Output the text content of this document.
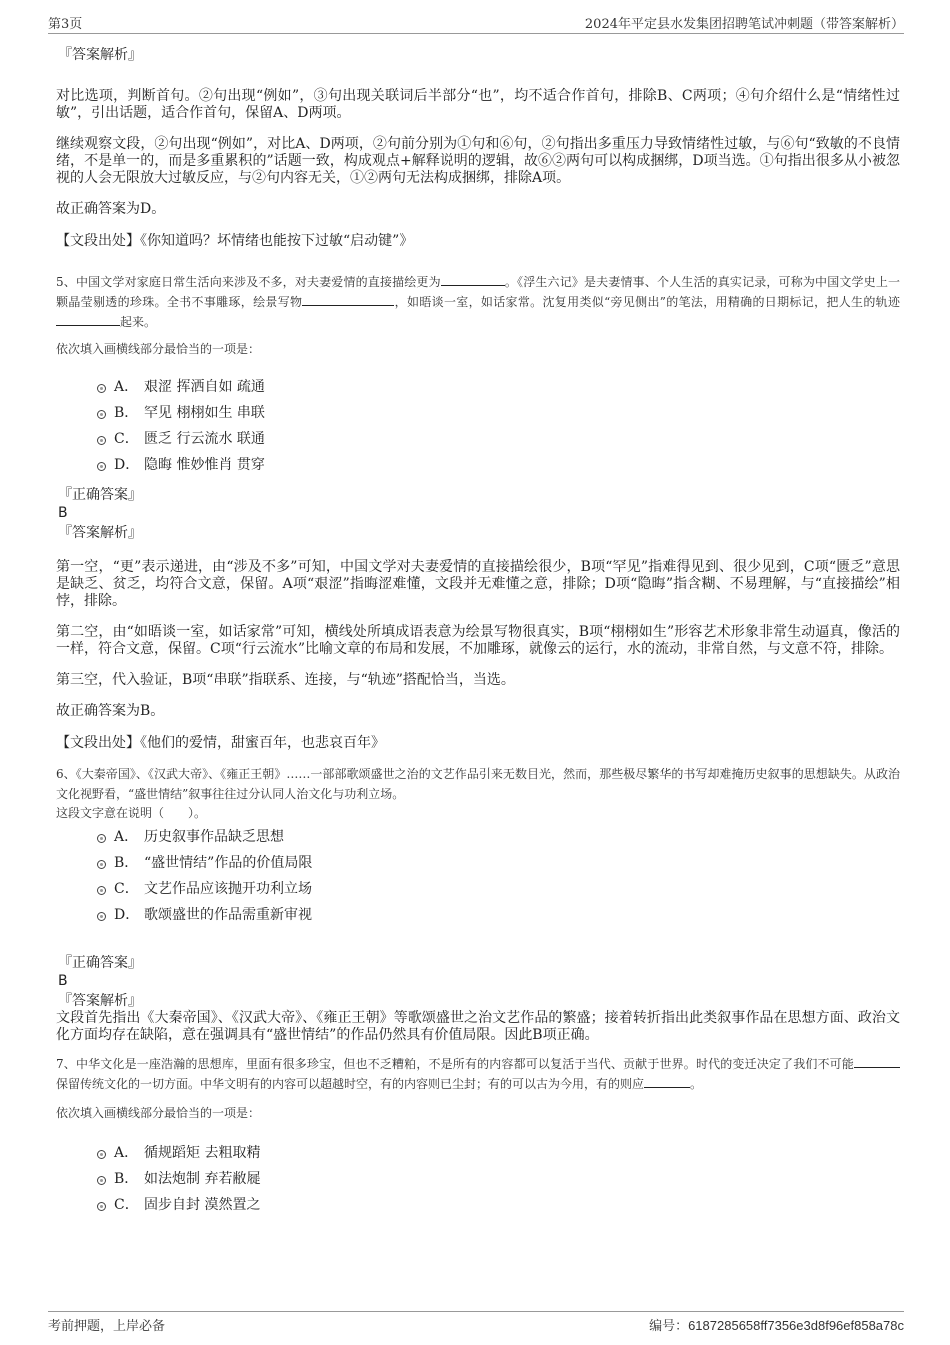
第3页	2024年平定县水发集团招聘笔试冲刺题（带答案解析）
『答案解析』

对比选项，判断首句。②句出现“例如”，③句出现关联词后半部分“也”，均不适合作首句，排除B、C两项；④句介绍什么是“情绪性过敏”，引出话题，适合作首句，保留A、D两项。

继续观察文段，②句出现“例如”，对比A、D两项，②句前分别为①句和⑥句，②句指出多重压力导致情绪性过敏，与⑥句“致敏的不良情绪，不是单一的，而是多重累积的”话题一致，构成观点+解释说明的逻辑，故⑥②两句可以构成捆绑，D项当选。①句指出很多从小被忽视的人会无限放大过敏反应，与②句内容无关，①②两句无法构成捆绑，排除A项。

故正确答案为D。

【文段出处】《你知道吗？坏情绪也能按下过敏“启动键”》

5、中国文学对家庭日常生活向来涉及不多，对夫妻爱情的直接描绘更为	。《浮生六记》是夫妻情事、个人生活的真实记录，可称为中国文学史上一颗晶莹剔透的珍珠。全书不事雕琢，绘景写物	，如晤谈一室，如话家常。沈复用类似“旁见侧出”的笔法，用精确的日期标记，把人生的轨迹起来。

依次填入画横线部分最恰当的一项是：

A． 艰涩 挥洒自如 疏通
B． 罕见 栩栩如生 串联
C． 匮乏 行云流水 联通
D． 隐晦 惟妙惟肖 贯穿
『正确答案』
B
『答案解析』

第一空，“更”表示递进，由“涉及不多”可知，中国文学对夫妻爱情的直接描绘很少，B项“罕见”指难得见到、很少见到，C项“匮乏”意思是缺乏、贫乏，均符合文意，保留。A项“艰涩”指晦涩难懂，文段并无难懂之意，排除；D项“隐晦”指含糊、不易理解，与“直接描绘”相悖，排除。

第二空，由“如晤谈一室，如话家常”可知，横线处所填成语表意为绘景写物很真实，B项“栩栩如生”形容艺术形象非常生动逼真，像活的一样，符合文意，保留。C项“行云流水”比喻文章的布局和发展，不加雕琢，就像云的运行，水的流动，非常自然，与文意不符，排除。

第三空，代入验证，B项“串联”指联系、连接，与“轨迹”搭配恰当，当选。

故正确答案为B。

【文段出处】《他们的爱情，甜蜜百年，也悲哀百年》

6、《大秦帝国》、《汉武大帝》、《雍正王朝》……一部部歌颂盛世之治的文艺作品引来无数目光，然而，那些极尽繁华的书写却难掩历史叙事的思想缺失。从政治文化视野看，“盛世情结”叙事往往过分认同人治文化与功利立场。

这段文字意在说明（　　）。

A． 历史叙事作品缺乏思想
B． “盛世情结”作品的价值局限
C． 文艺作品应该抛开功利立场
D． 歌颂盛世的作品需重新审视
『正确答案』
B
『答案解析』

文段首先指出《大秦帝国》、《汉武大帝》、《雍正王朝》等歌颂盛世之治文艺作品的繁盛；接着转折指出此类叙事作品在思想方面、政治文化方面均存在缺陷，意在强调具有“盛世情结”的作品仍然具有价值局限。因此B项正确。

7、中华文化是一座浩瀚的思想库，里面有很多珍宝，但也不乏糟粕，不是所有的内容都可以复活于当代、贡献于世界。时代的变迁决定了我们不可能保留传统文化的一切方面。中华文明有的内容可以超越时空，有的内容则已尘封；有的可以古为今用，有的则应	。

依次填入画横线部分最恰当的一项是：

A． 循规蹈矩 去粗取精
B． 如法炮制 弃若敝屣
C． 固步自封 漠然置之
考前押题，上岸必备	编号：6187285658ff7356e3d8f96ef858a78c
